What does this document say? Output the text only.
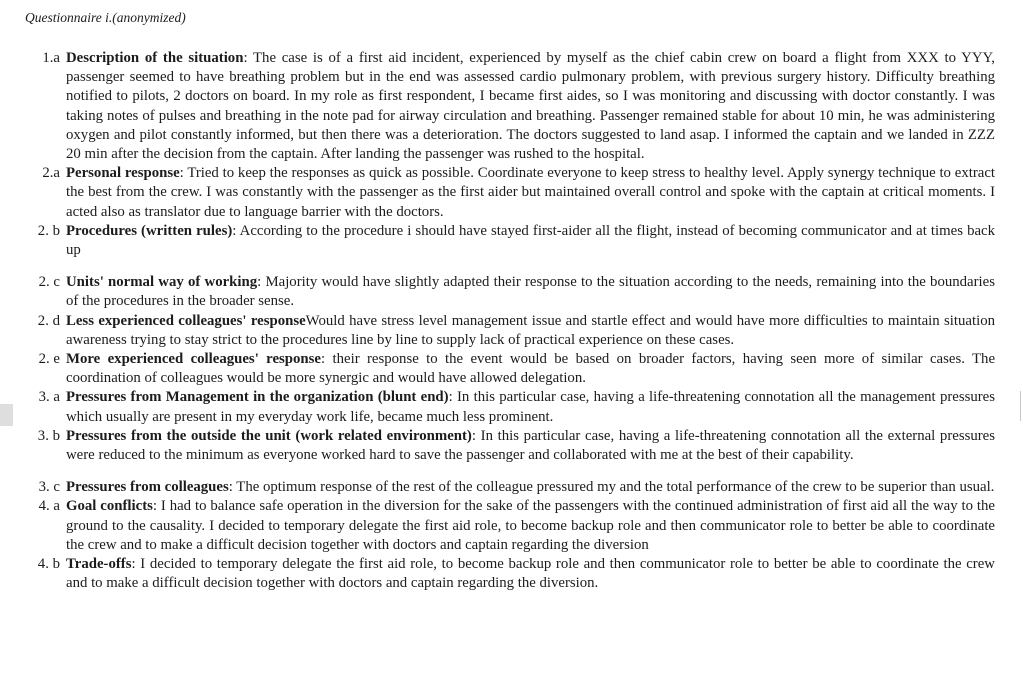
Questionnaire i.(anonymized)
1.a Description of the situation: The case is of a first aid incident, experienced by myself as the chief cabin crew on board a flight from XXX to YYY, passenger seemed to have breathing problem but in the end was assessed cardio pulmonary problem, with previous surgery history. Difficulty breathing notified to pilots, 2 doctors on board. In my role as first respondent, I became first aides, so I was monitoring and discussing with doctor constantly. I was taking notes of pulses and breathing in the note pad for airway circulation and breathing. Passenger remained stable for about 10 min, he was administering oxygen and pilot constantly informed, but then there was a deterioration. The doctors suggested to land asap. I informed the captain and we landed in ZZZ 20 min after the decision from the captain. After landing the passenger was rushed to the hospital.
2.a Personal response: Tried to keep the responses as quick as possible. Coordinate everyone to keep stress to healthy level. Apply synergy technique to extract the best from the crew. I was constantly with the passenger as the first aider but maintained overall control and spoke with the captain at critical moments. I acted also as translator due to language barrier with the doctors.
2. b Procedures (written rules): According to the procedure i should have stayed first-aider all the flight, instead of becoming communicator and at times back up
2. c Units' normal way of working: Majority would have slightly adapted their response to the situation according to the needs, remaining into the boundaries of the procedures in the broader sense.
2. d Less experienced colleagues' responseWould have stress level management issue and startle effect and would have more difficulties to maintain situation awareness trying to stay strict to the procedures line by line to supply lack of practical experience on these cases.
2. e More experienced colleagues' response: their response to the event would be based on broader factors, having seen more of similar cases. The coordination of colleagues would be more synergic and would have allowed delegation.
3. a Pressures from Management in the organization (blunt end): In this particular case, having a life-threatening connotation all the management pressures which usually are present in my everyday work life, became much less prominent.
3. b Pressures from the outside the unit (work related environment): In this particular case, having a life-threatening connotation all the external pressures were reduced to the minimum as everyone worked hard to save the passenger and collaborated with me at the best of their capability.
3. c Pressures from colleagues: The optimum response of the rest of the colleague pressured my and the total performance of the crew to be superior than usual.
4. a Goal conflicts: I had to balance safe operation in the diversion for the sake of the passengers with the continued administration of first aid all the way to the ground to the causality. I decided to temporary delegate the first aid role, to become backup role and then communicator role to better be able to coordinate the crew and to make a difficult decision together with doctors and captain regarding the diversion
4. b Trade-offs: I decided to temporary delegate the first aid role, to become backup role and then communicator role to better be able to coordinate the crew and to make a difficult decision together with doctors and captain regarding the diversion.
